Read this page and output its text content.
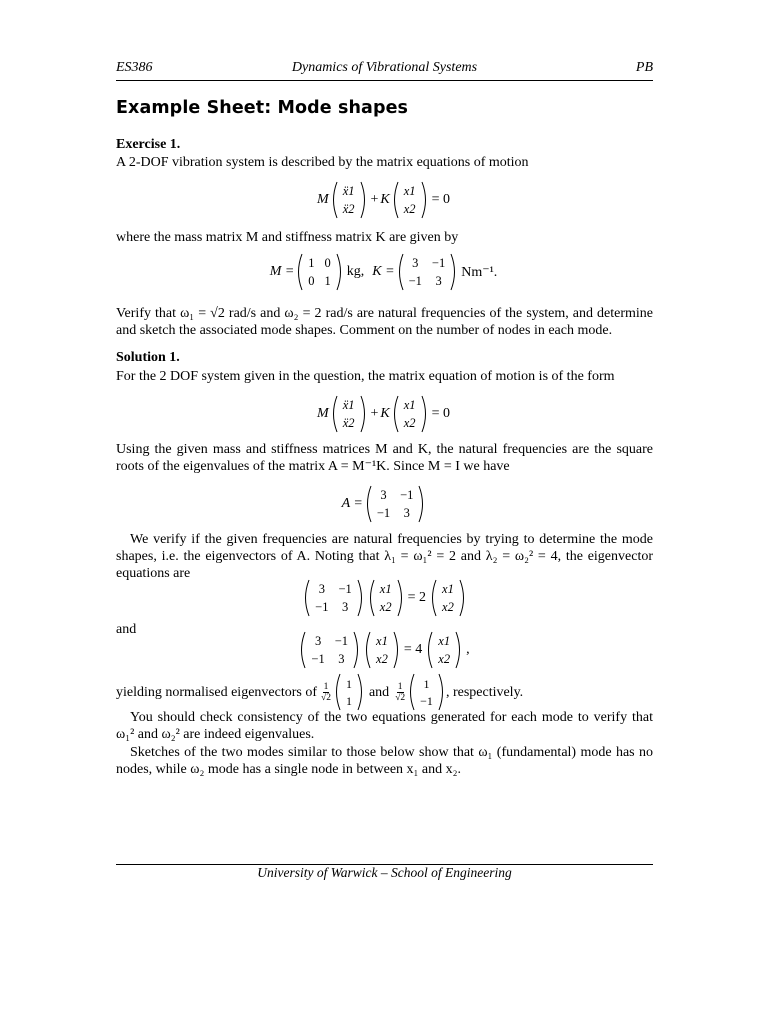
ES386	Dynamics of Vibrational Systems	PB
Example Sheet: Mode shapes
Exercise 1.
A 2-DOF vibration system is described by the matrix equations of motion
M
ẍ1
ẍ2
+ K
x1
x2
= 0
where the mass matrix M and stiffness matrix K are given by
M =
1 0
0 1
kg, K =
3 −1
−1 3
Nm⁻¹.
Verify that ω₁ = √2 rad/s and ω₂ = 2 rad/s are natural frequencies of the system, and determine and sketch the associated mode shapes. Comment on the number of nodes in each mode.
Solution 1.
For the 2 DOF system given in the question, the matrix equation of motion is of the form
M
ẍ1
ẍ2
+ K
x1
x2
= 0
Using the given mass and stiffness matrices M and K, the natural frequencies are the square roots of the eigenvalues of the matrix A = M⁻¹K. Since M = I we have
A =
3 −1
−1 3
We verify if the given frequencies are natural frequencies by trying to determine the mode shapes, i.e. the eigenvectors of A. Noting that λ₁ = ω₁² = 2 and λ₂ = ω₂² = 4, the eigenvector equations are
3 −1
−1 3
x1
x2
= 2
x1
x2
and
3 −1
−1 3
x1
x2
= 4
x1
x2
,
yielding normalised eigenvectors of $\frac{1}{√2} 1$
1
and $\frac{1}{√2} 1$
−1
, respectively.
You should check consistency of the two equations generated for each mode to verify that ω₁² and ω₂² are indeed eigenvalues.
Sketches of the two modes similar to those below show that ω₁ (fundamental) mode has no nodes, while ω₂ mode has a single node in between x₁ and x₂.
University of Warwick – School of Engineering
